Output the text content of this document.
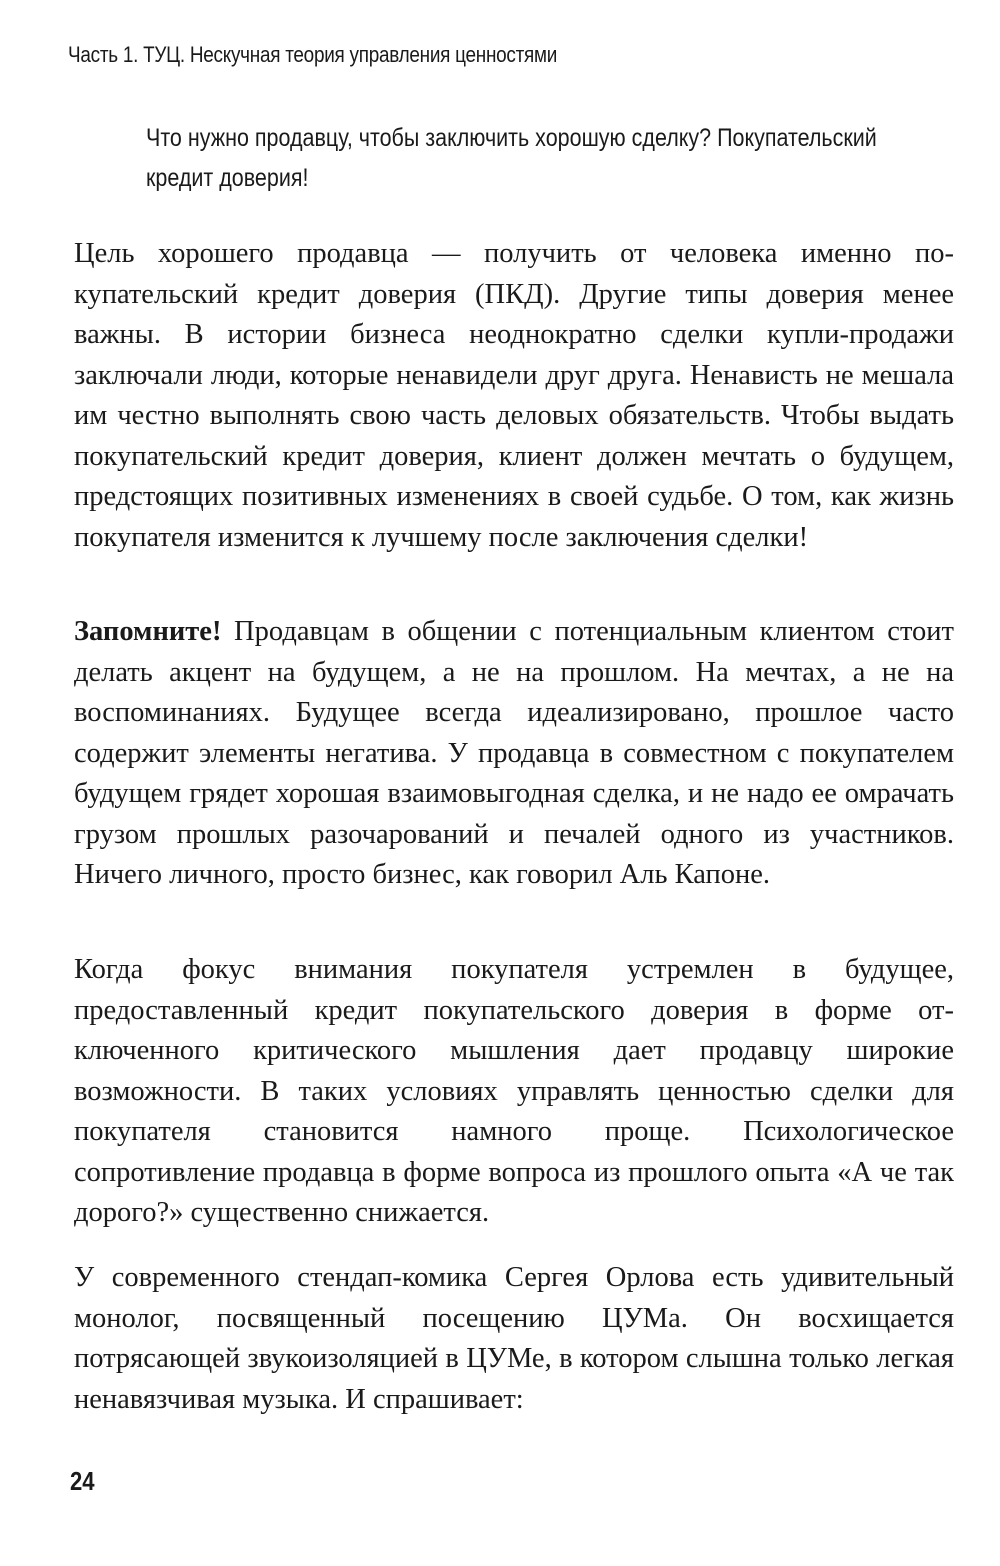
Часть 1. ТУЦ. Нескучная теория управления ценностями

Что нужно продавцу, чтобы заключить хорошую сделку? Покупательский кредит доверия!

Цель хорошего продавца — получить от человека именно покупательский кредит доверия (ПКД). Другие типы доверия менее важны. В истории бизнеса неоднократно сделки купли-продажи заключали люди, которые ненавидели друг друга. Ненависть не мешала им честно выполнять свою часть деловых обязательств. Чтобы выдать покупательский кредит доверия, клиент должен мечтать о будущем, предстоящих позитивных изменениях в своей судьбе. О том, как жизнь покупателя изменится к лучшему после заключения сделки!

Запомните! Продавцам в общении с потенциальным клиентом стоит делать акцент на будущем, а не на прошлом. На мечтах, а не на воспоминаниях. Будущее всегда идеализировано, прошлое часто содержит элементы негатива. У продавца в совместном с покупателем будущем грядет хорошая взаимовыгодная сделка, и не надо ее омрачать грузом прошлых разочарований и печалей одного из участников. Ничего личного, просто бизнес, как говорил Аль Капоне.

Когда фокус внимания покупателя устремлен в будущее, предоставленный кредит покупательского доверия в форме отключенного критического мышления дает продавцу широкие возможности. В таких условиях управлять ценностью сделки для покупателя становится намного проще. Психологическое сопротивление продавца в форме вопроса из прошлого опыта «А че так дорого?» существенно снижается.

У современного стендап-комика Сергея Орлова есть удивительный монолог, посвященный посещению ЦУМа. Он восхищается потрясающей звукоизоляцией в ЦУМе, в котором слышна только легкая ненавязчивая музыка. И спрашивает:

24
